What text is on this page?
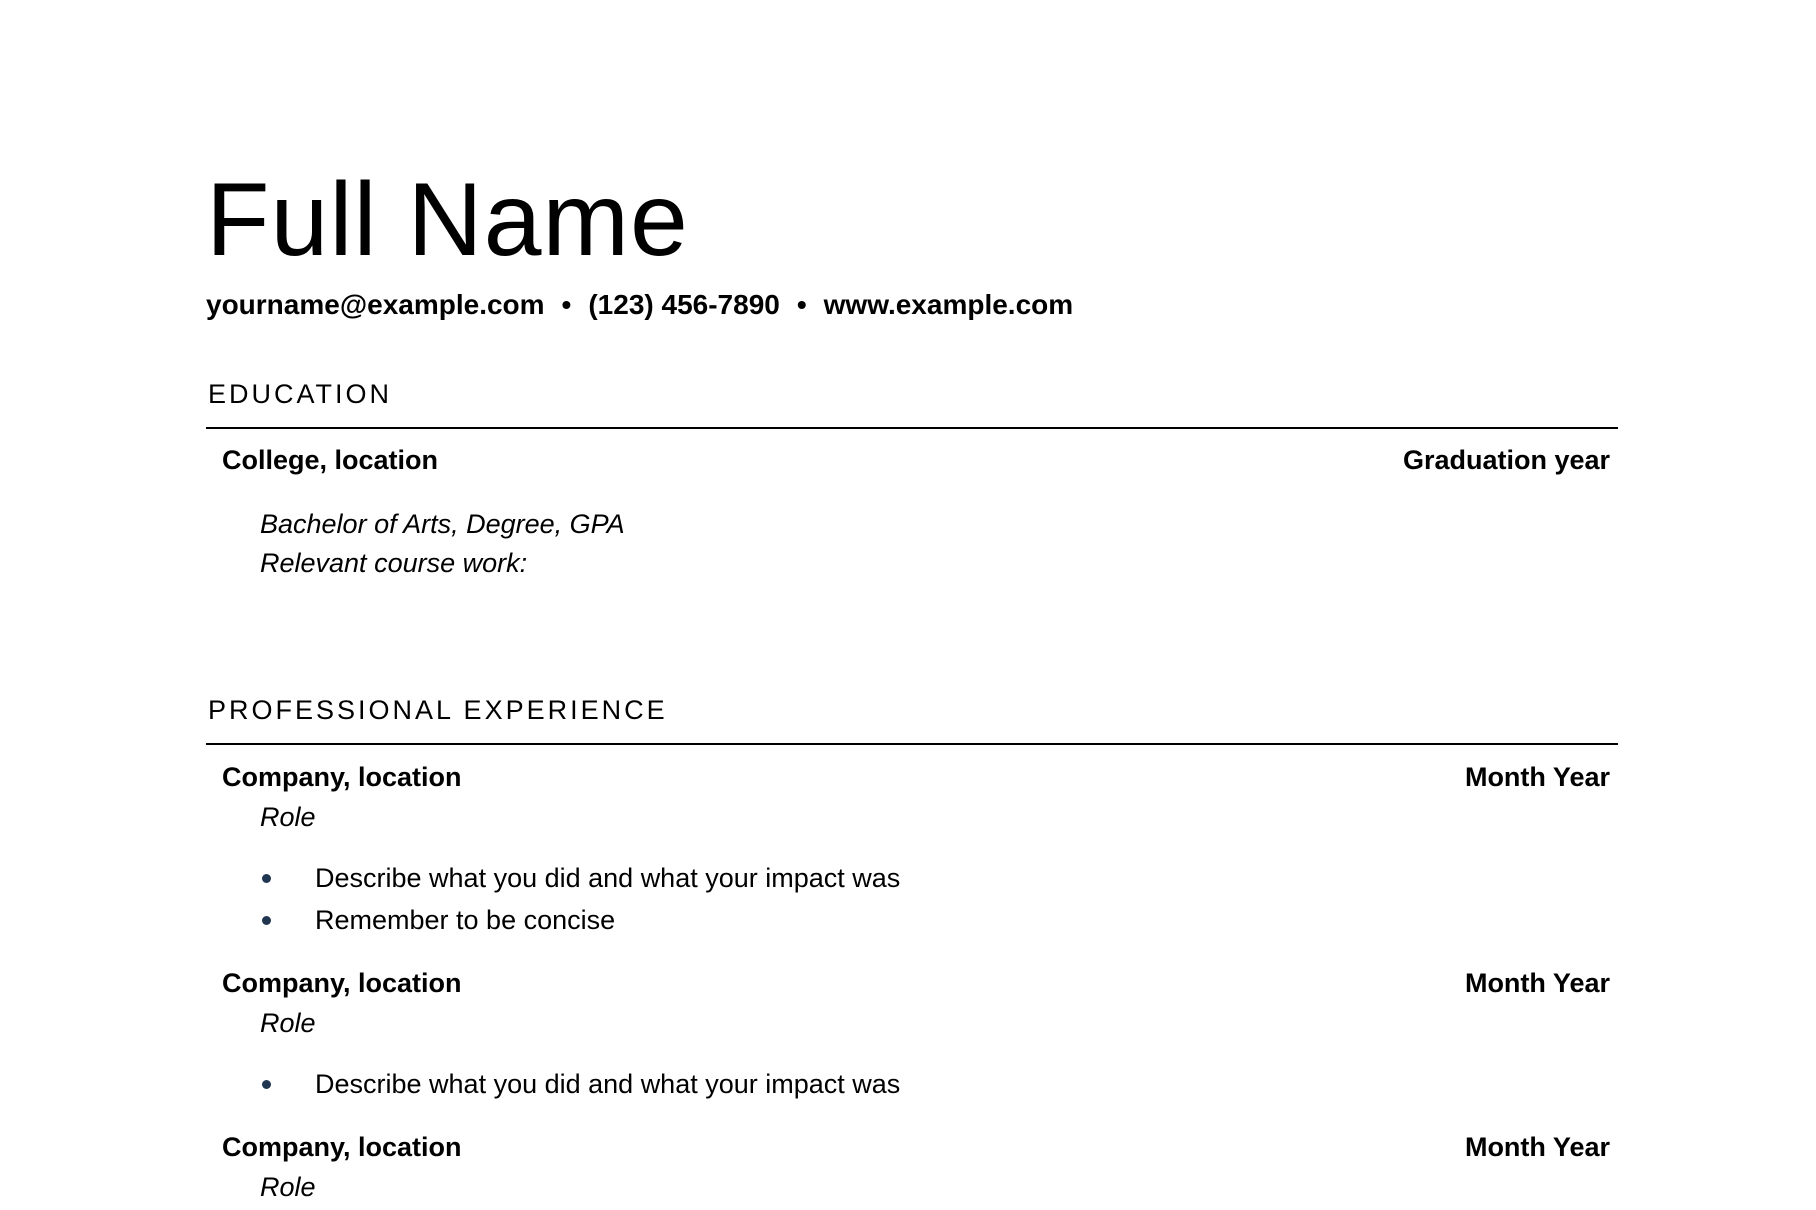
Full Name
yourname@example.com • (123) 456-7890 • www.example.com
EDUCATION
College, location	Graduation year
Bachelor of Arts, Degree, GPA
Relevant course work:
PROFESSIONAL EXPERIENCE
Company, location	Month Year
Role
Describe what you did and what your impact was
Remember to be concise
Company, location	Month Year
Role
Describe what you did and what your impact was
Company, location	Month Year
Role
